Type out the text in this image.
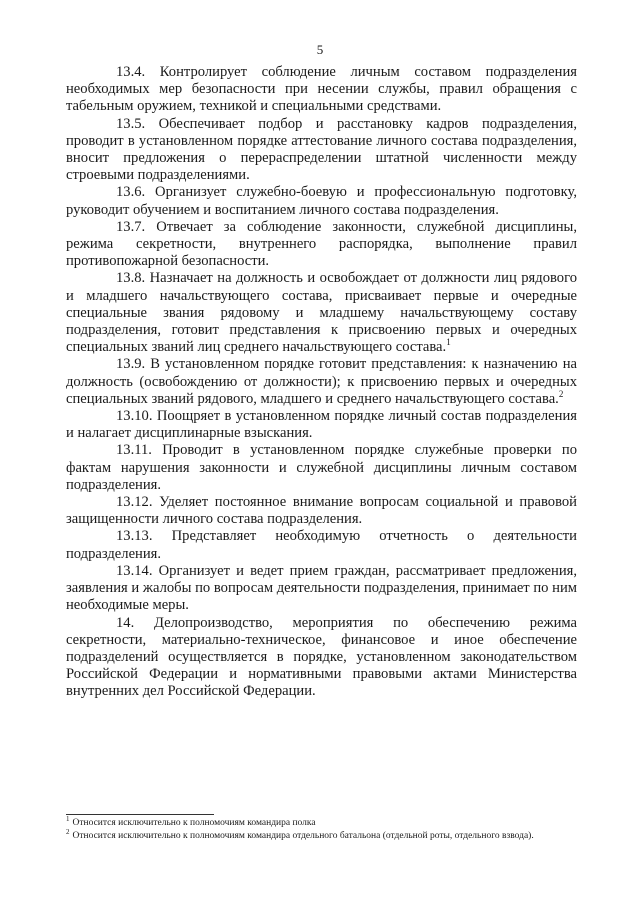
5

13.4. Контролирует соблюдение личным составом подразделения необходимых мер безопасности при несении службы, правил обращения с табельным оружием, техникой и специальными средствами.

13.5. Обеспечивает подбор и расстановку кадров подразделения, проводит в установленном порядке аттестование личного состава подразделения, вносит предложения о перераспределении штатной численности между строевыми подразделениями.

13.6. Организует служебно-боевую и профессиональную подготовку, руководит обучением и воспитанием личного состава подразделения.

13.7. Отвечает за соблюдение законности, служебной дисциплины, режима секретности, внутреннего распорядка, выполнение правил противопожарной безопасности.

13.8. Назначает на должность и освобождает от должности лиц рядового и младшего начальствующего состава, присваивает первые и очередные специальные звания рядовому и младшему начальствующему составу подразделения, готовит представления к присвоению первых и очередных специальных званий лиц среднего начальствующего состава.$^1$

13.9. В установленном порядке готовит представления: к назначению на должность (освобождению от должности); к присвоению первых и очередных специальных званий рядового, младшего и среднего начальствующего состава.$^2$

13.10. Поощряет в установленном порядке личный состав подразделения и налагает дисциплинарные взыскания.

13.11. Проводит в установленном порядке служебные проверки по фактам нарушения законности и служебной дисциплины личным составом подразделения.

13.12. Уделяет постоянное внимание вопросам социальной и правовой защищенности личного состава подразделения.

13.13. Представляет необходимую отчетность о деятельности подразделения.

13.14. Организует и ведет прием граждан, рассматривает предложения, заявления и жалобы по вопросам деятельности подразделения, принимает по ним необходимые меры.

14. Делопроизводство, мероприятия по обеспечению режима секретности, материально-техническое, финансовое и иное обеспечение подразделений осуществляется в порядке, установленном законодательством Российской Федерации и нормативными правовыми актами Министерства внутренних дел Российской Федерации.

$^1$ Относится исключительно к полномочиям командира полка

$^2$ Относится исключительно к полномочиям командира отдельного батальона (отдельной роты, отдельного взвода).
